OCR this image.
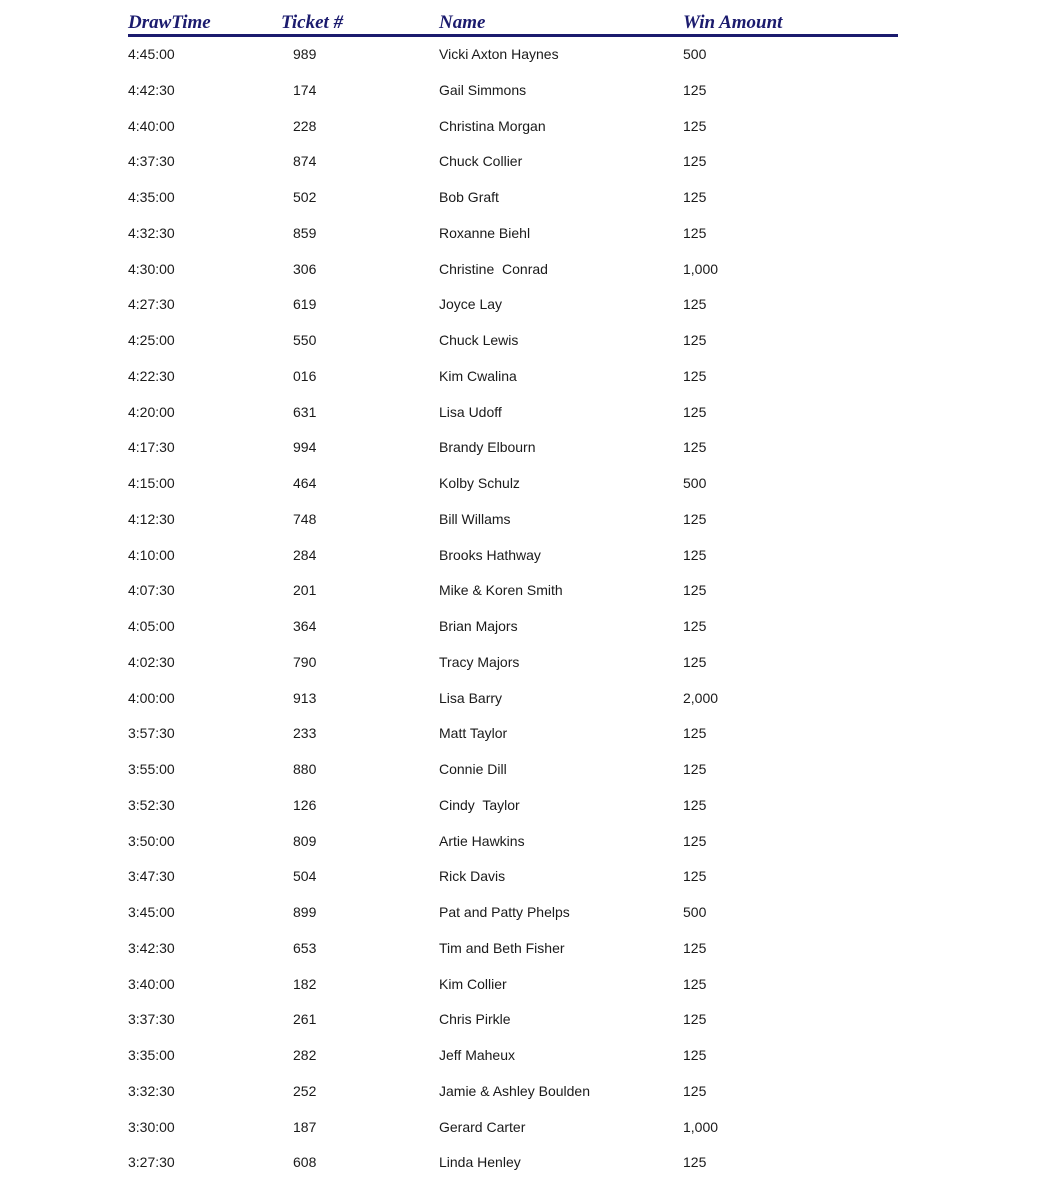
DrawTime	Ticket #	Name	Win Amount
4:45:00	989	Vicki Axton Haynes	500
4:42:30	174	Gail Simmons	125
4:40:00	228	Christina Morgan	125
4:37:30	874	Chuck Collier	125
4:35:00	502	Bob Graft	125
4:32:30	859	Roxanne Biehl	125
4:30:00	306	Christine  Conrad	1,000
4:27:30	619	Joyce Lay	125
4:25:00	550	Chuck Lewis	125
4:22:30	016	Kim Cwalina	125
4:20:00	631	Lisa Udoff	125
4:17:30	994	Brandy Elbourn	125
4:15:00	464	Kolby Schulz	500
4:12:30	748	Bill Willams	125
4:10:00	284	Brooks Hathway	125
4:07:30	201	Mike & Koren Smith	125
4:05:00	364	Brian Majors	125
4:02:30	790	Tracy Majors	125
4:00:00	913	Lisa Barry	2,000
3:57:30	233	Matt Taylor	125
3:55:00	880	Connie Dill	125
3:52:30	126	Cindy  Taylor	125
3:50:00	809	Artie Hawkins	125
3:47:30	504	Rick Davis	125
3:45:00	899	Pat and Patty Phelps	500
3:42:30	653	Tim and Beth Fisher	125
3:40:00	182	Kim Collier	125
3:37:30	261	Chris Pirkle	125
3:35:00	282	Jeff Maheux	125
3:32:30	252	Jamie & Ashley Boulden	125
3:30:00	187	Gerard Carter	1,000
3:27:30	608	Linda Henley	125
